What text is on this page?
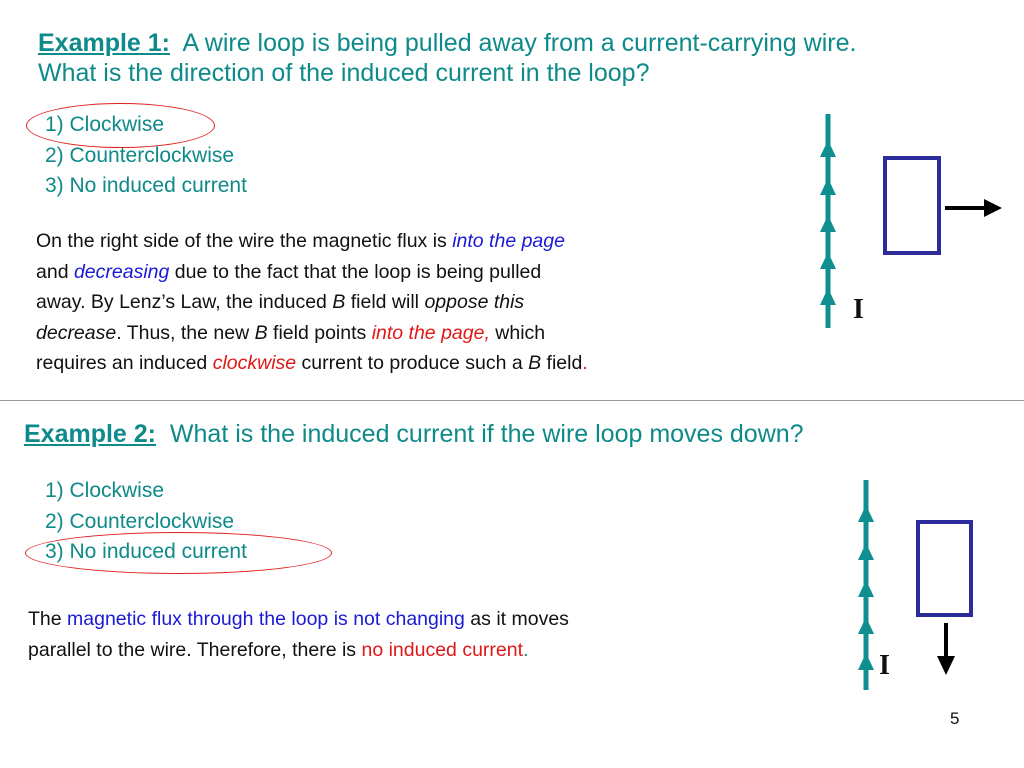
Example 1: A wire loop is being pulled away from a current-carrying wire.
What is the direction of the induced current in the loop?
1) Clockwise
2) Counterclockwise
3) No induced current
On the right side of the wire the magnetic flux is into the page
and decreasing due to the fact that the loop is being pulled
away. By Lenz’s Law, the induced B field will oppose this
decrease. Thus, the new B field points into the page, which
requires an induced clockwise current to produce such a B field.
I
Example 2: What is the induced current if the wire loop moves down?
1) Clockwise
2) Counterclockwise
3) No induced current
The magnetic flux through the loop is not changing as it moves
parallel to the wire. Therefore, there is no induced current.
I
5
